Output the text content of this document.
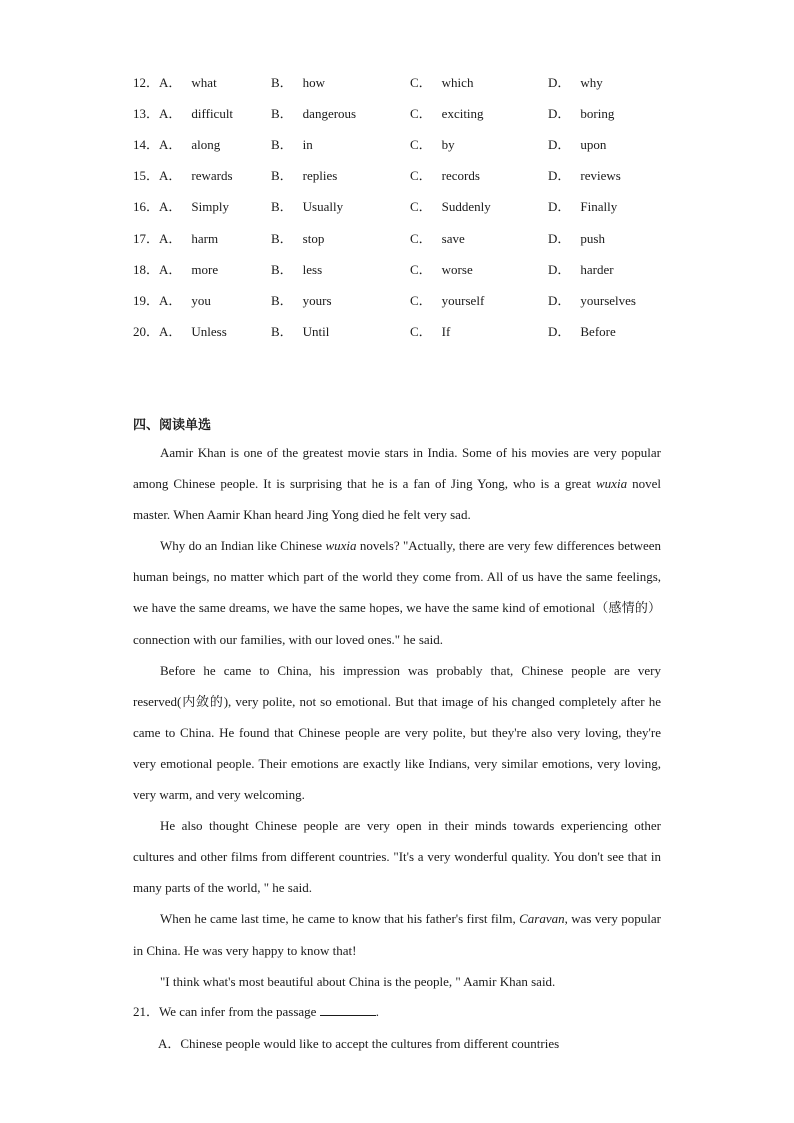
12．A． what	B． how	C． which	D． why
13．A． difficult	B． dangerous	C． exciting	D． boring
14．A． along	B． in	C． by	D． upon
15．A． rewards	B． replies	C． records	D． reviews
16．A． Simply	B． Usually	C． Suddenly	D． Finally
17．A． harm	B． stop	C． save	D． push
18．A． more	B． less	C． worse	D． harder
19．A． you	B． yours	C． yourself	D． yourselves
20．A． Unless	B． Until	C． If	D． Before
四、阅读单选

Aamir Khan is one of the greatest movie stars in India. Some of his movies are very popular among Chinese people. It is surprising that he is a fan of Jing Yong, who is a great wuxia novel master. When Aamir Khan heard Jing Yong died he felt very sad.

Why do an Indian like Chinese wuxia novels? "Actually, there are very few differences between human beings, no matter which part of the world they come from. All of us have the same feelings, we have the same dreams, we have the same hopes, we have the same kind of emotional（感情的）connection with our families, with our loved ones." he said.

Before he came to China, his impression was probably that, Chinese people are very reserved(内敛的), very polite, not so emotional. But that image of his changed completely after he came to China. He found that Chinese people are very polite, but they're also very loving, they're very emotional people. Their emotions are exactly like Indians, very similar emotions, very loving, very warm, and very welcoming.

He also thought Chinese people are very open in their minds towards experiencing other cultures and other films from different countries. "It's a very wonderful quality. You don't see that in many parts of the world, " he said.

When he came last time, he came to know that his father's first film, Caravan, was very popular in China. He was very happy to know that!

"I think what's most beautiful about China is the people, " Aamir Khan said.

21．We can infer from the passage	.
A．Chinese people would like to accept the cultures from different countries
